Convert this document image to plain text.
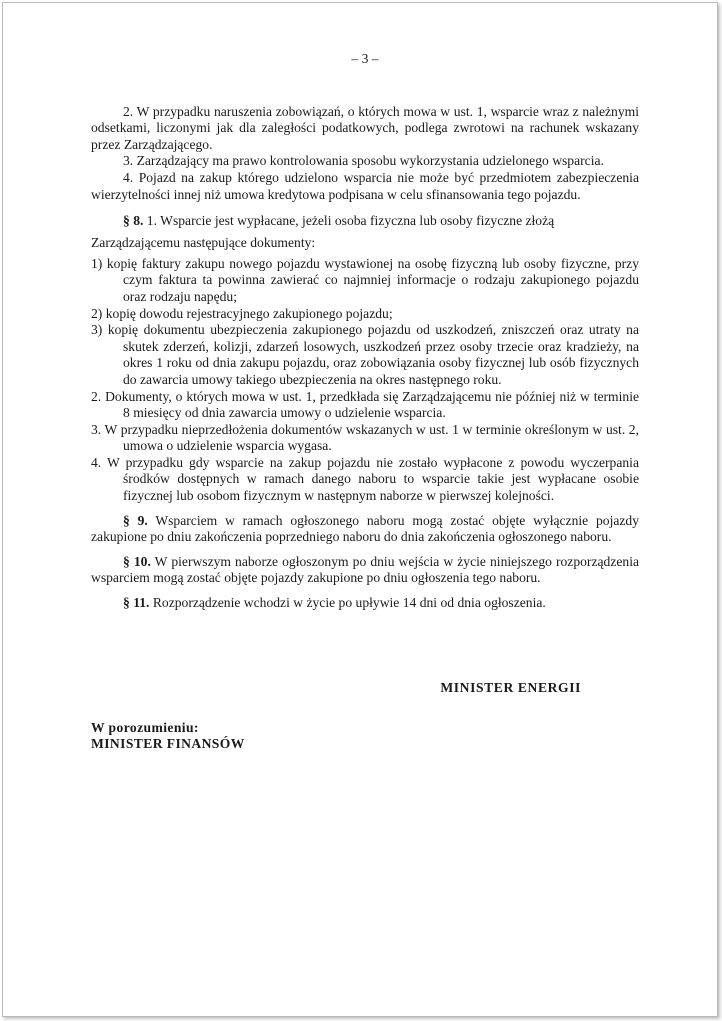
– 3 –

2. W przypadku naruszenia zobowiązań, o których mowa w ust. 1, wsparcie wraz z należnymi odsetkami, liczonymi jak dla zaległości podatkowych, podlega zwrotowi na rachunek wskazany przez Zarządzającego.

3. Zarządzający ma prawo kontrolowania sposobu wykorzystania udzielonego wsparcia.

4. Pojazd na zakup którego udzielono wsparcia nie może być przedmiotem zabezpieczenia wierzytelności innej niż umowa kredytowa podpisana w celu sfinansowania tego pojazdu.

§ 8. 1. Wsparcie jest wypłacane, jeżeli osoba fizyczna lub osoby fizyczne złożą

Zarządzającemu następujące dokumenty:

1) kopię faktury zakupu nowego pojazdu wystawionej na osobę fizyczną lub osoby fizyczne, przy czym faktura ta powinna zawierać co najmniej informacje o rodzaju zakupionego pojazdu oraz rodzaju napędu;

2) kopię dowodu rejestracyjnego zakupionego pojazdu;

3) kopię dokumentu ubezpieczenia zakupionego pojazdu od uszkodzeń, zniszczeń oraz utraty na skutek zderzeń, kolizji, zdarzeń losowych, uszkodzeń przez osoby trzecie oraz kradzieży, na okres 1 roku od dnia zakupu pojazdu, oraz zobowiązania osoby fizycznej lub osób fizycznych do zawarcia umowy takiego ubezpieczenia na okres następnego roku.

2. Dokumenty, o których mowa w ust. 1, przedkłada się Zarządzającemu nie później niż w terminie 8 miesięcy od dnia zawarcia umowy o udzielenie wsparcia.

3. W przypadku nieprzedłożenia dokumentów wskazanych w ust. 1 w terminie określonym w ust. 2, umowa o udzielenie wsparcia wygasa.

4. W przypadku gdy wsparcie na zakup pojazdu nie zostało wypłacone z powodu wyczerpania środków dostępnych w ramach danego naboru to wsparcie takie jest wypłacane osobie fizycznej lub osobom fizycznym w następnym naborze w pierwszej kolejności.

§ 9. Wsparciem w ramach ogłoszonego naboru mogą zostać objęte wyłącznie pojazdy zakupione po dniu zakończenia poprzedniego naboru do dnia zakończenia ogłoszonego naboru.

§ 10. W pierwszym naborze ogłoszonym po dniu wejścia w życie niniejszego rozporządzenia wsparciem mogą zostać objęte pojazdy zakupione po dniu ogłoszenia tego naboru.

§ 11. Rozporządzenie wchodzi w życie po upływie 14 dni od dnia ogłoszenia.

MINISTER ENERGII
W porozumieniu:
MINISTER FINANSÓW
